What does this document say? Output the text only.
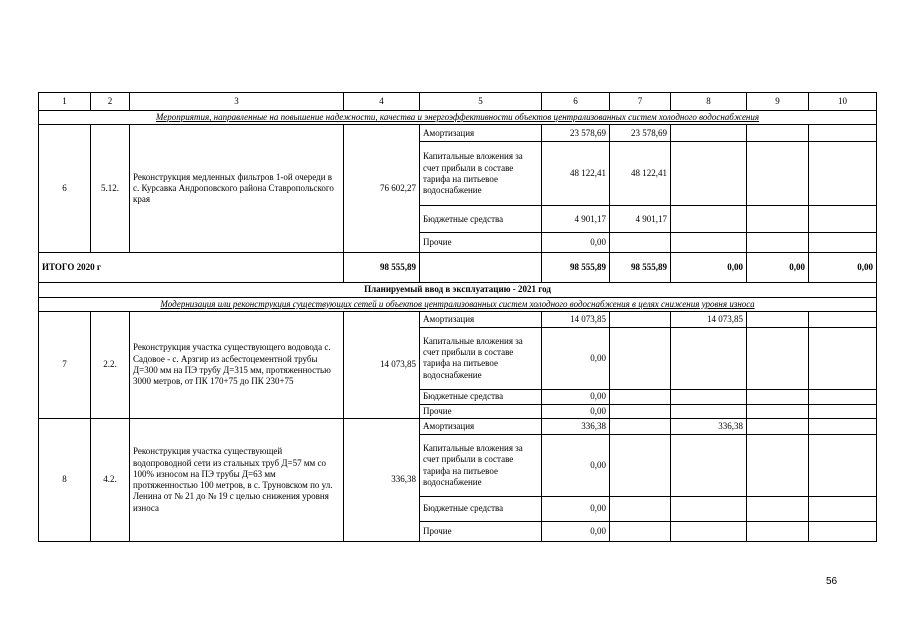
1	2	3	4	5	6	7	8	9	10
Мероприятия, направленные на повышение надежности, качества и энергоэффективности объектов централизованных систем холодного водоснабжения									
6	5.12.	Реконструкция медленных фильтров 1-ой очереди в с. Курсавка Андроповского района Ставропольского края	76 602,27	Амортизация	23 578,69	23 578,69			
				Капитальные вложения за счет прибыли в составе тарифа на питьевое водоснабжение	48 122,41	48 122,41			
				Бюджетные средства	4 901,17	4 901,17			
				Прочие	0,00				
ИТОГО 2020 г			98 555,89		98 555,89	98 555,89	0,00	0,00	0,00
Планируемый ввод в эксплуатацию - 2021 год									
Модернизация или реконструкция существующих сетей и объектов централизованных систем холодного водоснабжения в целях снижения уровня износа									
7	2.2.	Реконструкция участка существующего водовода с. Садовое - с. Арзгир из асбестоцементной трубы Д=300 мм на ПЭ трубу Д=315 мм, протяженностью 3000 метров, от ПК 170+75 до ПК 230+75	14 073,85	Амортизация	14 073,85		14 073,85		
				Капитальные вложения за счет прибыли в составе тарифа на питьевое водоснабжение	0,00				
				Бюджетные средства	0,00				
				Прочие	0,00				
8	4.2.	Реконструкция участка существующей водопроводной сети из стальных труб Д=57 мм со 100% износом на ПЭ трубы Д=63 мм протяженностью 100 метров, в с. Труновском по ул. Ленина от № 21 до № 19 с целью снижения уровня износа	336,38	Амортизация	336,38		336,38		
				Капитальные вложения за счет прибыли в составе тарифа на питьевое водоснабжение	0,00				
				Бюджетные средства	0,00				
				Прочие	0,00				
56
